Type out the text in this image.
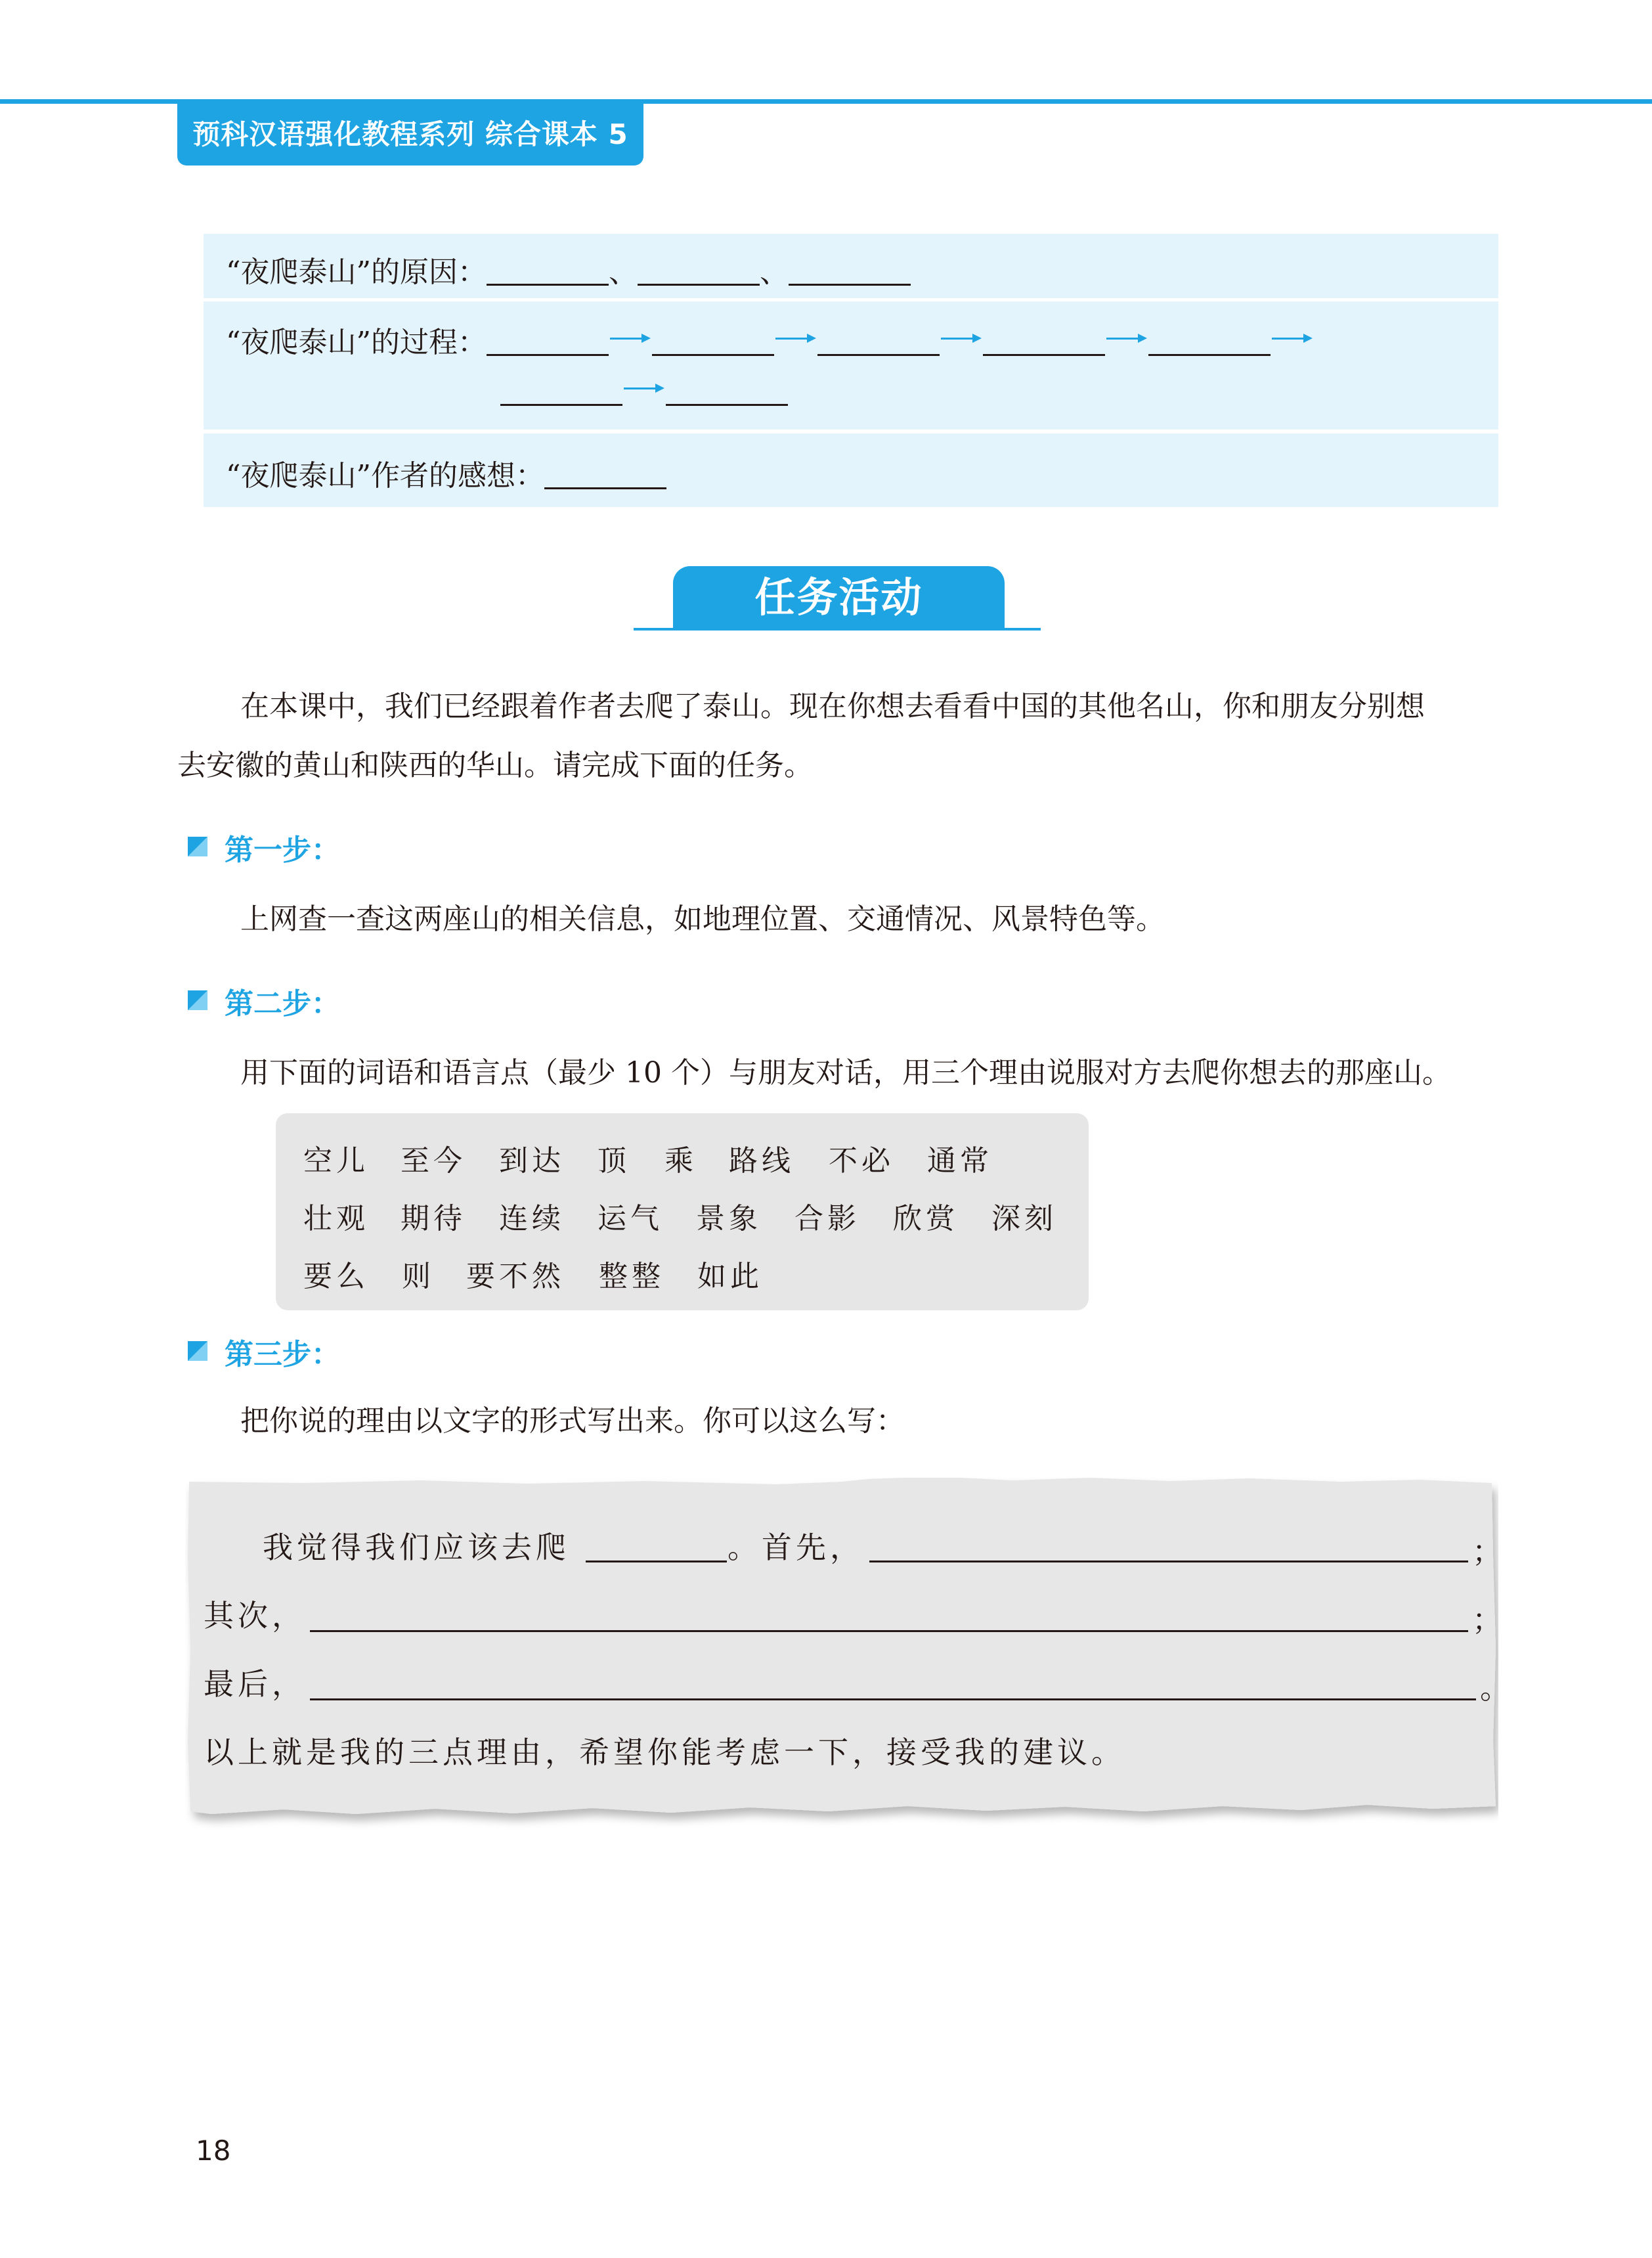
预科汉语强化教程系列 综合课本 5
“夜爬泰山”的原因：	、	、
“夜爬泰山”的过程：
“夜爬泰山”作者的感想：
任务活动
在本课中，我们已经跟着作者去爬了泰山。现在你想去看看中国的其他名山，你和朋友分别想
去安徽的黄山和陕西的华山。请完成下面的任务。
第一步：
上网查一查这两座山的相关信息，如地理位置、交通情况、风景特色等。
第二步：
用下面的词语和语言点（最少 10 个）与朋友对话，用三个理由说服对方去爬你想去的那座山。
空儿 至今 到达 顶 乘 路线 不必 通常
壮观 期待 连续 运气 景象 合影 欣赏 深刻
要么 则 要不然 整整 如此
第三步：
把你说的理由以文字的形式写出来。你可以这么写：
我觉得我们应该去爬	。首先，	；
其次，	；
最后，	。
以上就是我的三点理由，希望你能考虑一下，接受我的建议。
18
